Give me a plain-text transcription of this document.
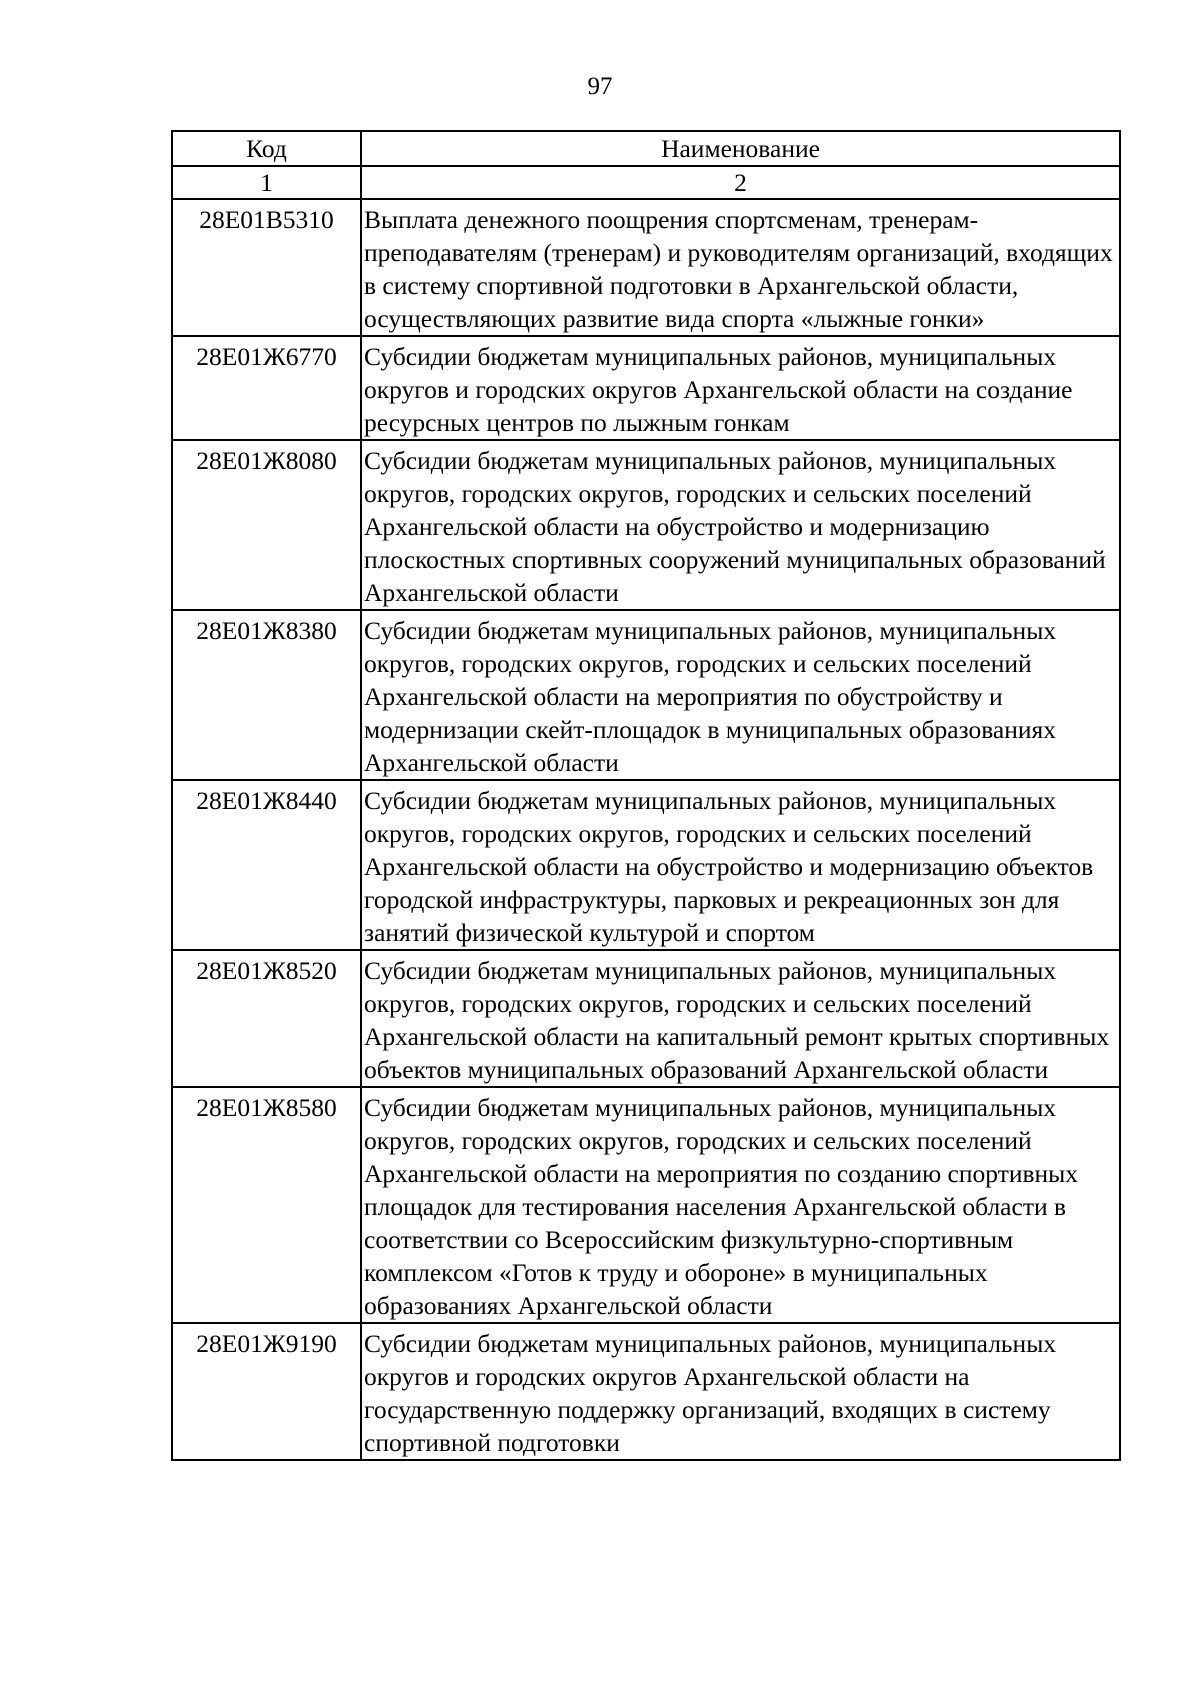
97
Код	Наименование
1	2
28Е01В5310	Выплата денежного поощрения спортсменам, тренерам-преподавателям (тренерам) и руководителям организаций, входящих в систему спортивной подготовки в Архангельской области, осуществляющих развитие вида спорта «лыжные гонки»
28Е01Ж6770	Субсидии бюджетам муниципальных районов, муниципальных округов и городских округов Архангельской области на создание ресурсных центров по лыжным гонкам
28Е01Ж8080	Субсидии бюджетам муниципальных районов, муниципальных округов, городских округов, городских и сельских поселений Архангельской области на обустройство и модернизацию плоскостных спортивных сооружений муниципальных образований Архангельской области
28Е01Ж8380	Субсидии бюджетам муниципальных районов, муниципальных округов, городских округов, городских и сельских поселений Архангельской области на мероприятия по обустройству и модернизации скейт-площадок в муниципальных образованиях Архангельской области
28Е01Ж8440	Субсидии бюджетам муниципальных районов, муниципальных округов, городских округов, городских и сельских поселений Архангельской области на обустройство и модернизацию объектов городской инфраструктуры, парковых и рекреационных зон для занятий физической культурой и спортом
28Е01Ж8520	Субсидии бюджетам муниципальных районов, муниципальных округов, городских округов, городских и сельских поселений Архангельской области на капитальный ремонт крытых спортивных объектов муниципальных образований Архангельской области
28Е01Ж8580	Субсидии бюджетам муниципальных районов, муниципальных округов, городских округов, городских и сельских поселений Архангельской области на мероприятия по созданию спортивных площадок для тестирования населения Архангельской области в соответствии со Всероссийским физкультурно-спортивным комплексом «Готов к труду и обороне» в муниципальных образованиях Архангельской области
28Е01Ж9190	Субсидии бюджетам муниципальных районов, муниципальных округов и городских округов Архангельской области на государственную поддержку организаций, входящих в систему спортивной подготовки
